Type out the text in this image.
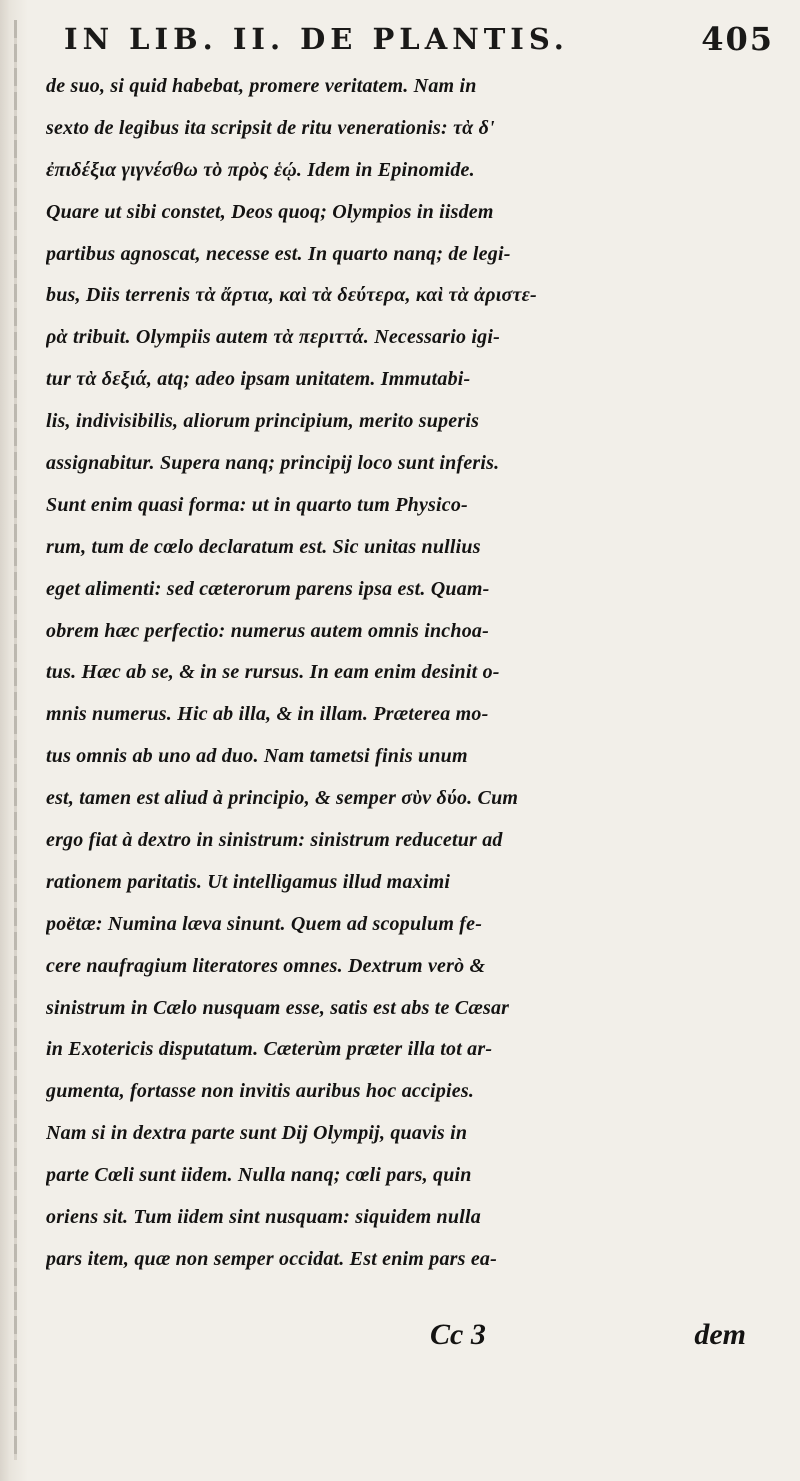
IN LIB. II. DE PLANTIS.	405
de suo, si quid habebat, promere veritatem. Nam in
sexto de legibus ita scripsit de ritu venerationis: τὰ δ'
ἐπιδέξια γιγνέσθω τὸ πρὸς ἑῴ. Idem in Epinomide.
Quare ut sibi constet, Deos quoq; Olympios in iisdem
partibus agnoscat, necesse est. In quarto nanq; de legi-
bus, Diis terrenis τὰ ἄρτια, καὶ τὰ δεύτερα, καὶ τὰ ἀριστε-
ρὰ tribuit. Olympiis autem τὰ περιττά. Necessario igi-
tur τὰ δεξιά, atq; adeo ipsam unitatem. Immutabi-
lis, indivisibilis, aliorum principium, merito superis
assignabitur. Supera nanq; principij loco sunt inferis.
Sunt enim quasi forma: ut in quarto tum Physico-
rum, tum de cœlo declaratum est. Sic unitas nullius
eget alimenti: sed cæterorum parens ipsa est. Quam-
obrem hæc perfectio: numerus autem omnis inchoa-
tus. Hæc ab se, & in se rursus. In eam enim desinit o-
mnis numerus. Hic ab illa, & in illam. Præterea mo-
tus omnis ab uno ad duo. Nam tametsi finis unum
est, tamen est aliud à principio, & semper σὺν δύο. Cum
ergo fiat à dextro in sinistrum: sinistrum reducetur ad
rationem paritatis. Ut intelligamus illud maximi
poëtæ: Numina læva sinunt. Quem ad scopulum fe-
cere naufragium literatores omnes. Dextrum verò &
sinistrum in Cælo nusquam esse, satis est abs te Cæsar
in Exotericis disputatum. Cæterùm præter illa tot ar-
gumenta, fortasse non invitis auribus hoc accipies.
Nam si in dextra parte sunt Dij Olympij, quavis in
parte Cœli sunt iidem. Nulla nanq; cœli pars, quin
oriens sit. Tum iidem sint nusquam: siquidem nulla
pars item, quæ non semper occidat. Est enim pars ea-
Cc 3	dem
